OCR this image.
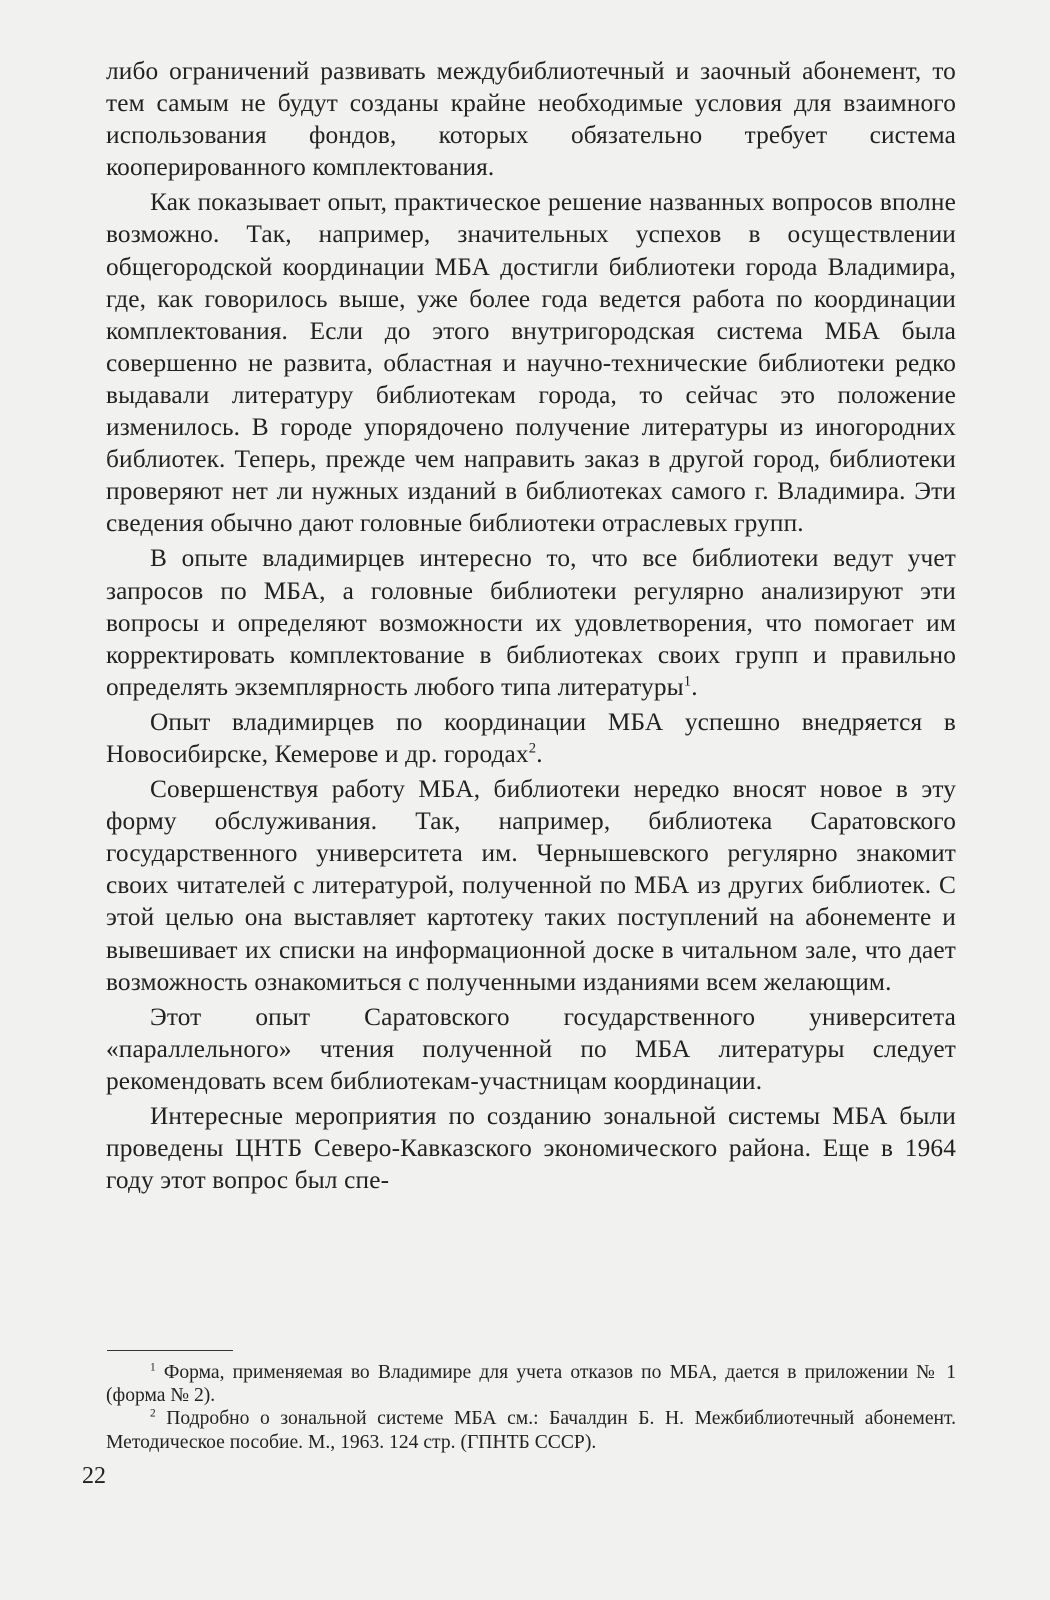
либо ограничений развивать междубиблиотечный и заочный абонемент, то тем самым не будут созданы крайне необходимые условия для взаимного использования фондов, которых обязательно требует система кооперированного комплектования.

Как показывает опыт, практическое решение названных вопросов вполне возможно. Так, например, значительных успехов в осуществлении общегородской координации МБА достигли библиотеки города Владимира, где, как говорилось выше, уже более года ведется работа по координации комплектования. Если до этого внутригородская система МБА была совершенно не развита, областная и научно-технические библиотеки редко выдавали литературу библиотекам города, то сейчас это положение изменилось. В городе упорядочено получение литературы из иногородних библиотек. Теперь, прежде чем направить заказ в другой город, библиотеки проверяют нет ли нужных изданий в библиотеках самого г. Владимира. Эти сведения обычно дают головные библиотеки отраслевых групп.

В опыте владимирцев интересно то, что все библиотеки ведут учет запросов по МБА, а головные библиотеки регулярно анализируют эти вопросы и определяют возможности их удовлетворения, что помогает им корректировать комплектование в библиотеках своих групп и правильно определять экземплярность любого типа литературы$^1$.

Опыт владимирцев по координации МБА успешно внедряется в Новосибирске, Кемерове и др. городах$^2$.

Совершенствуя работу МБА, библиотеки нередко вносят новое в эту форму обслуживания. Так, например, библиотека Саратовского государственного университета им. Чернышевского регулярно знакомит своих читателей с литературой, полученной по МБА из других библиотек. С этой целью она выставляет картотеку таких поступлений на абонементе и вывешивает их списки на информационной доске в читальном зале, что дает возможность ознакомиться с полученными изданиями всем желающим.

Этот опыт Саратовского государственного университета «параллельного» чтения полученной по МБА литературы следует рекомендовать всем библиотекам-участницам координации.

Интересные мероприятия по созданию зональной системы МБА были проведены ЦНТБ Северо-Кавказского экономического района. Еще в 1964 году этот вопрос был спе-

$^1$ Форма, применяемая во Владимире для учета отказов по МБА, дается в приложении № 1 (форма № 2).

$^2$ Подробно о зональной системе МБА см.: Бачалдин Б. Н. Межбиблиотечный абонемент. Методическое пособие. М., 1963. 124 стр. (ГПНТБ СССР).

22
